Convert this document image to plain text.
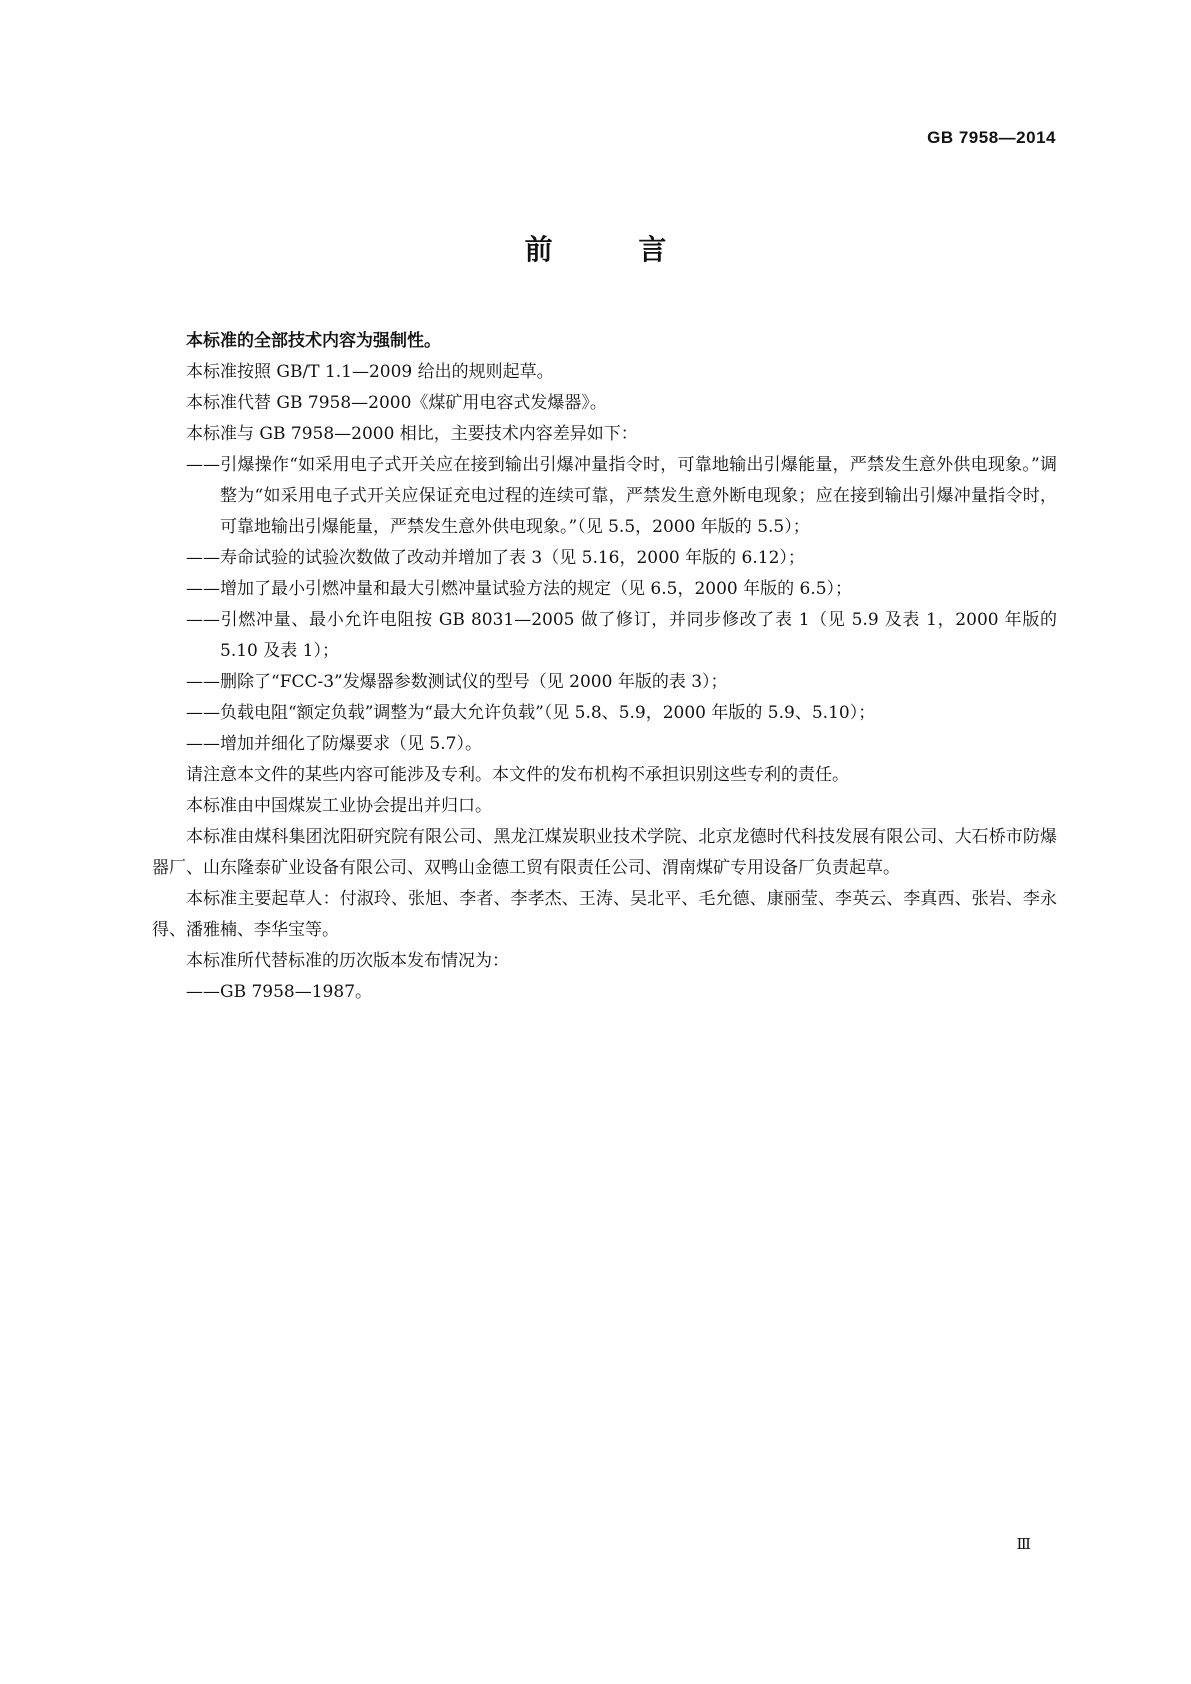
GB 7958—2014
前 言

本标准的全部技术内容为强制性。

本标准按照 GB/T 1.1—2009 给出的规则起草。

本标准代替 GB 7958—2000《煤矿用电容式发爆器》。

本标准与 GB 7958—2000 相比，主要技术内容差异如下：

——引爆操作“如采用电子式开关应在接到输出引爆冲量指令时，可靠地输出引爆能量，严禁发生意外供电现象。”调整为“如采用电子式开关应保证充电过程的连续可靠，严禁发生意外断电现象；应在接到输出引爆冲量指令时，可靠地输出引爆能量，严禁发生意外供电现象。”（见 5.5，2000 年版的 5.5）；

——寿命试验的试验次数做了改动并增加了表 3（见 5.16，2000 年版的 6.12）；

——增加了最小引燃冲量和最大引燃冲量试验方法的规定（见 6.5，2000 年版的 6.5）；

——引燃冲量、最小允许电阻按 GB 8031—2005 做了修订，并同步修改了表 1（见 5.9 及表 1，2000 年版的 5.10 及表 1）；

——删除了“FCC-3”发爆器参数测试仪的型号（见 2000 年版的表 3）；

——负载电阻“额定负载”调整为“最大允许负载”（见 5.8、5.9，2000 年版的 5.9、5.10）；

——增加并细化了防爆要求（见 5.7）。

请注意本文件的某些内容可能涉及专利。本文件的发布机构不承担识别这些专利的责任。

本标准由中国煤炭工业协会提出并归口。

本标准由煤科集团沈阳研究院有限公司、黑龙江煤炭职业技术学院、北京龙德时代科技发展有限公司、大石桥市防爆器厂、山东隆泰矿业设备有限公司、双鸭山金德工贸有限责任公司、渭南煤矿专用设备厂负责起草。

本标准主要起草人：付淑玲、张旭、李者、李孝杰、王涛、吴北平、毛允德、康丽莹、李英云、李真西、张岩、李永得、潘雅楠、李华宝等。

本标准所代替标准的历次版本发布情况为：

——GB 7958—1987。

Ⅲ
